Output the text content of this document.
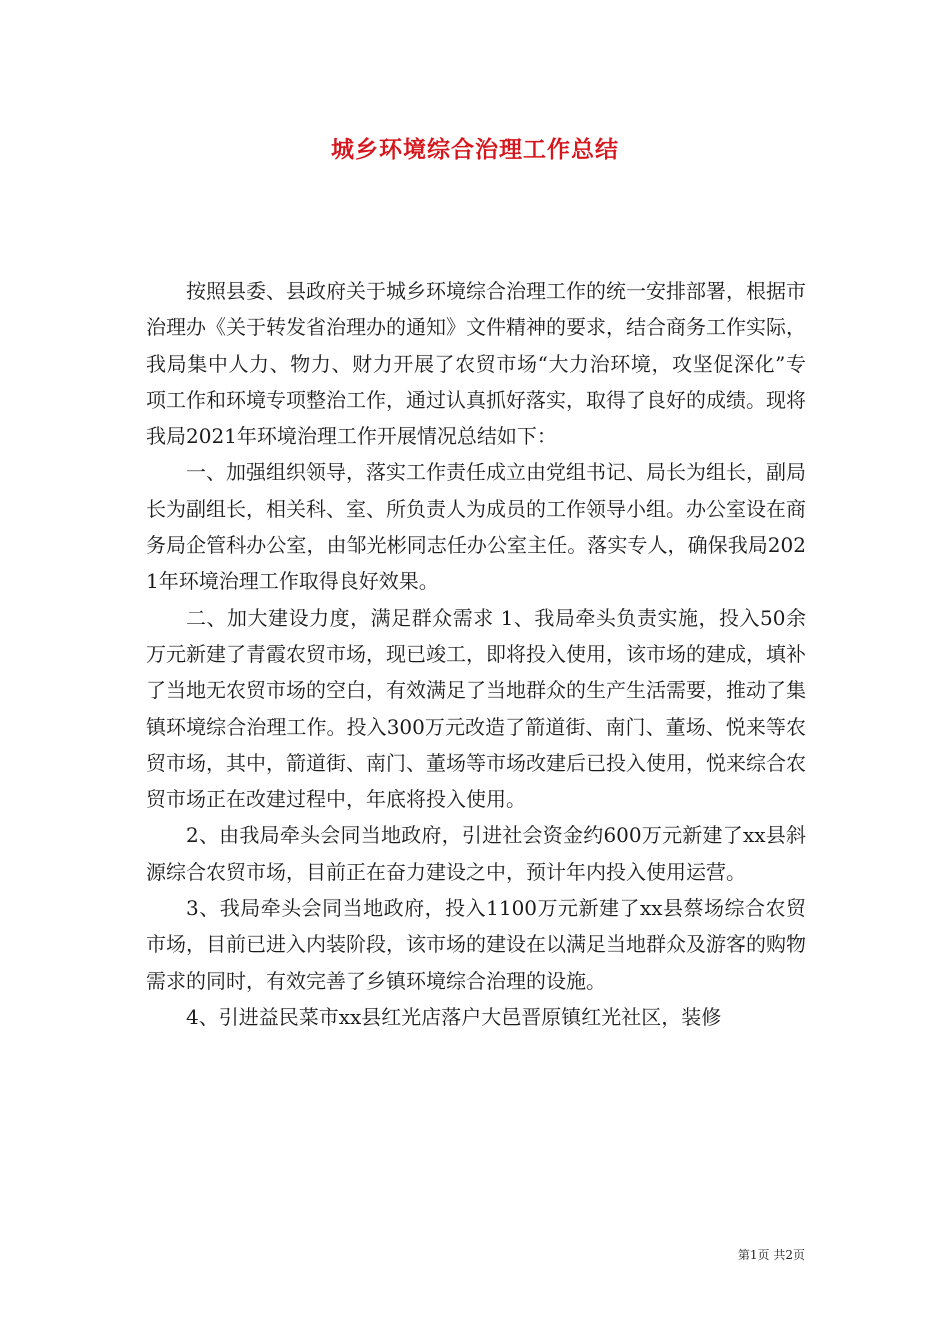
城乡环境综合治理工作总结

按照县委、县政府关于城乡环境综合治理工作的统一安排部署，根据市治理办《关于转发省治理办的通知》文件精神的要求，结合商务工作实际，我局集中人力、物力、财力开展了农贸市场“大力治环境，攻坚促深化”专项工作和环境专项整治工作，通过认真抓好落实，取得了良好的成绩。现将我局2021年环境治理工作开展情况总结如下：

一、加强组织领导，落实工作责任成立由党组书记、局长为组长，副局长为副组长，相关科、室、所负责人为成员的工作领导小组。办公室设在商务局企管科办公室，由邹光彬同志任办公室主任。落实专人，确保我局2021年环境治理工作取得良好效果。

二、加大建设力度，满足群众需求 1、我局牵头负责实施，投入50余万元新建了青霞农贸市场，现已竣工，即将投入使用，该市场的建成，填补了当地无农贸市场的空白，有效满足了当地群众的生产生活需要，推动了集镇环境综合治理工作。投入300万元改造了箭道街、南门、董场、悦来等农贸市场，其中，箭道街、南门、董场等市场改建后已投入使用，悦来综合农贸市场正在改建过程中，年底将投入使用。

2、由我局牵头会同当地政府，引进社会资金约600万元新建了xx县斜源综合农贸市场，目前正在奋力建设之中，预计年内投入使用运营。

3、我局牵头会同当地政府，投入1100万元新建了xx县蔡场综合农贸市场，目前已进入内装阶段，该市场的建设在以满足当地群众及游客的购物需求的同时，有效完善了乡镇环境综合治理的设施。

4、引进益民菜市xx县红光店落户大邑晋原镇红光社区，装修

第1页 共2页
